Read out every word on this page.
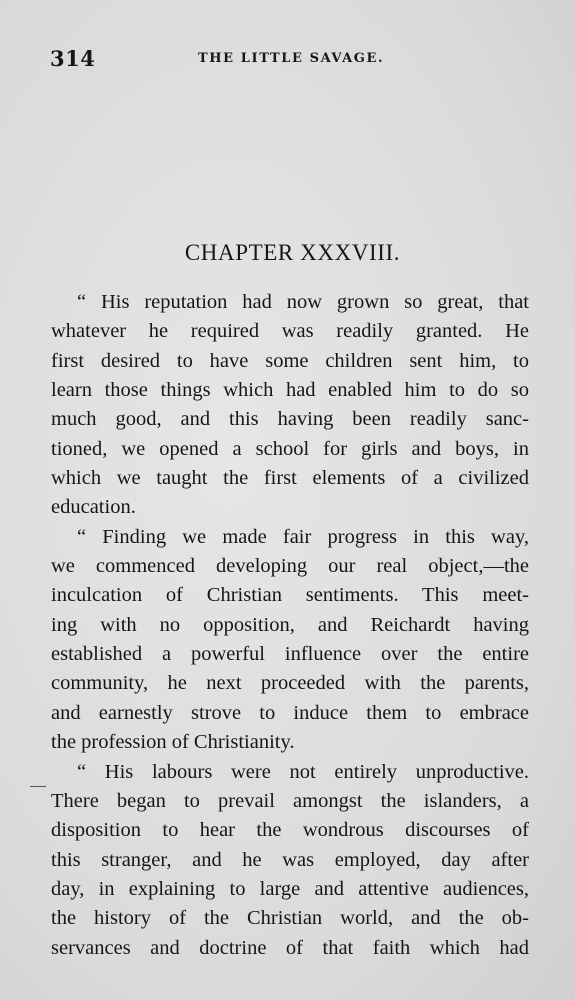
314	THE LITTLE SAVAGE.
CHAPTER XXXVIII.
“ His reputation had now grown so great, that
whatever he required was readily granted. He
first desired to have some children sent him, to
learn those things which had enabled him to do so
much good, and this having been readily sanc-
tioned, we opened a school for girls and boys, in
which we taught the first elements of a civilized
education.
“ Finding we made fair progress in this way,
we commenced developing our real object,—the
inculcation of Christian sentiments. This meet-
ing with no opposition, and Reichardt having
established a powerful influence over the entire
community, he next proceeded with the parents,
and earnestly strove to induce them to embrace
the profession of Christianity.
“ His labours were not entirely unproductive.
There began to prevail amongst the islanders, a
disposition to hear the wondrous discourses of
this stranger, and he was employed, day after
day, in explaining to large and attentive audiences,
the history of the Christian world, and the ob-
servances and doctrine of that faith which had
